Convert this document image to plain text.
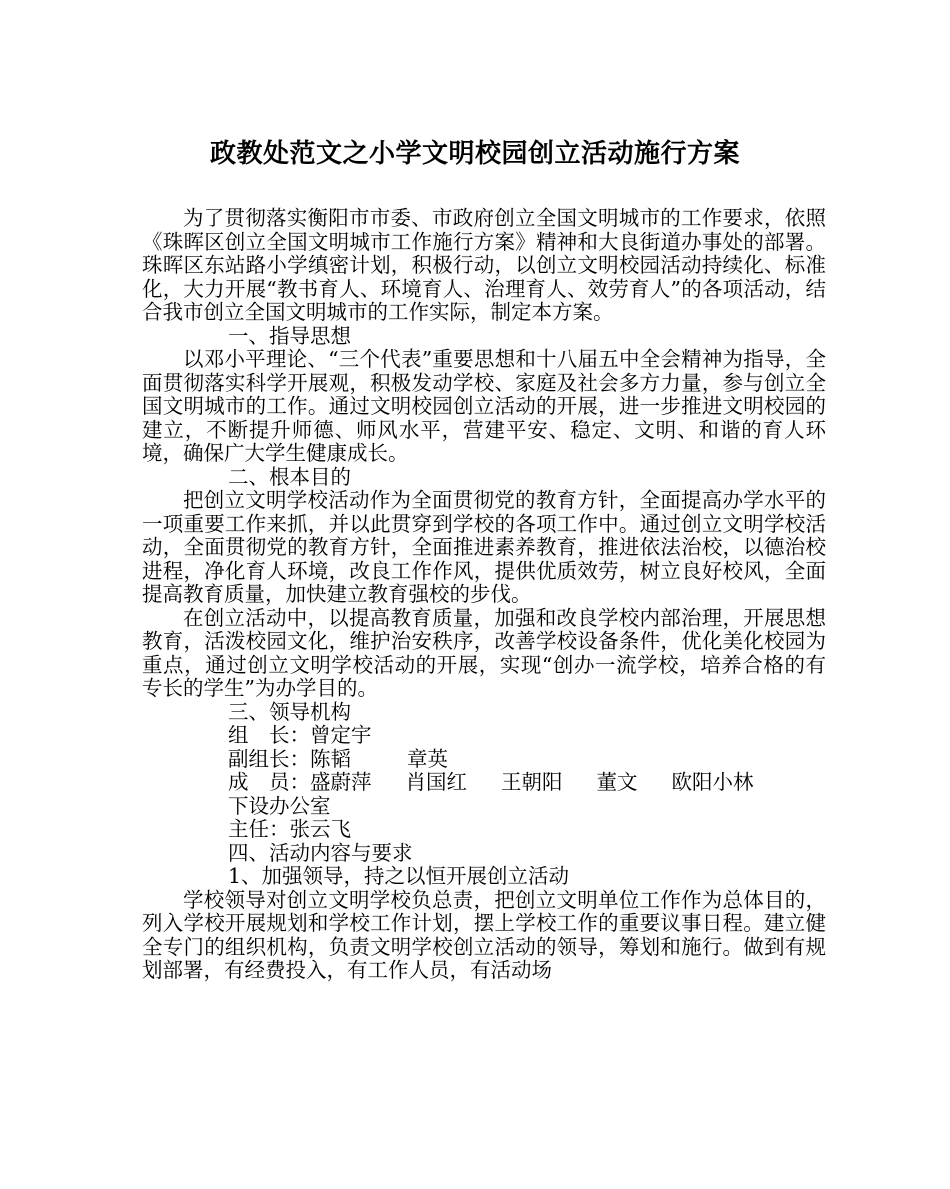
政教处范文之小学文明校园创立活动施行方案

为了贯彻落实衡阳市市委、市政府创立全国文明城市的工作要求，依照《珠晖区创立全国文明城市工作施行方案》精神和大良街道办事处的部署。珠晖区东站路小学缜密计划，积极行动，以创立文明校园活动持续化、标准化，大力开展“教书育人、环境育人、治理育人、效劳育人”的各项活动，结合我市创立全国文明城市的工作实际，制定本方案。

一、指导思想

以邓小平理论、“三个代表”重要思想和十八届五中全会精神为指导，全面贯彻落实科学开展观，积极发动学校、家庭及社会多方力量，参与创立全国文明城市的工作。通过文明校园创立活动的开展，进一步推进文明校园的建立，不断提升师德、师风水平，营建平安、稳定、文明、和谐的育人环境，确保广大学生健康成长。

二、根本目的

把创立文明学校活动作为全面贯彻党的教育方针，全面提高办学水平的一项重要工作来抓，并以此贯穿到学校的各项工作中。通过创立文明学校活动，全面贯彻党的教育方针，全面推进素养教育，推进依法治校，以德治校进程，净化育人环境，改良工作作风，提供优质效劳，树立良好校风，全面提高教育质量，加快建立教育强校的步伐。

在创立活动中，以提高教育质量，加强和改良学校内部治理，开展思想教育，活泼校园文化，维护治安秩序，改善学校设备条件，优化美化校园为重点，通过创立文明学校活动的开展，实现“创办一流学校，培养合格的有专长的学生”为办学目的。

三、领导机构

组　长：曾定宇

副组长：陈韬	章英

成　员：盛蔚萍 肖国红 王朝阳 董文 欧阳小林

下设办公室

主任：张云飞

四、活动内容与要求

1、加强领导，持之以恒开展创立活动

学校领导对创立文明学校负总责，把创立文明单位工作作为总体目的，列入学校开展规划和学校工作计划，摆上学校工作的重要议事日程。建立健全专门的组织机构，负责文明学校创立活动的领导，筹划和施行。做到有规划部署，有经费投入，有工作人员，有活动场
